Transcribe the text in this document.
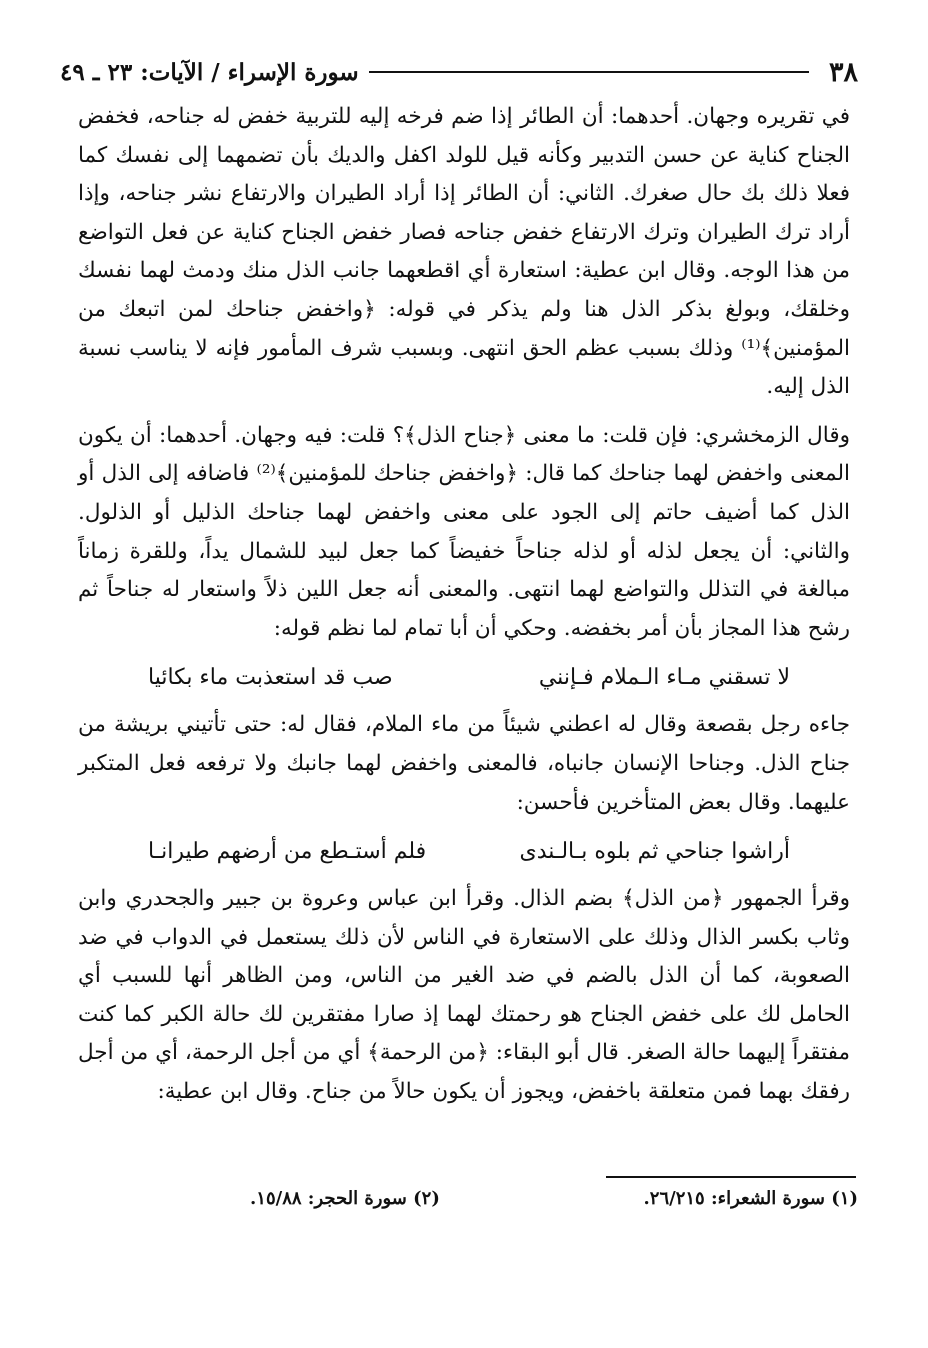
٣٨
سورة الإسراء / الآيات: ٢٣ ـ ٤٩

في تقريره وجهان. أحدهما: أن الطائر إذا ضم فرخه إليه للتربية خفض له جناحه، فخفض الجناح كناية عن حسن التدبير وكأنه قيل للولد اكفل والديك بأن تضمهما إلى نفسك كما فعلا ذلك بك حال صغرك. الثاني: أن الطائر إذا أراد الطيران والارتفاع نشر جناحه، وإذا أراد ترك الطيران وترك الارتفاع خفض جناحه فصار خفض الجناح كناية عن فعل التواضع من هذا الوجه. وقال ابن عطية: استعارة أي اقطعهما جانب الذل منك ودمث لهما نفسك وخلقك، وبولغ بذكر الذل هنا ولم يذكر في قوله: ﴿واخفض جناحك لمن اتبعك من المؤمنين﴾⁽¹⁾ وذلك بسبب عظم الحق انتهى. وبسبب شرف المأمور فإنه لا يناسب نسبة الذل إليه.

وقال الزمخشري: فإن قلت: ما معنى ﴿جناح الذل﴾؟ قلت: فيه وجهان. أحدهما: أن يكون المعنى واخفض لهما جناحك كما قال: ﴿واخفض جناحك للمؤمنين﴾⁽²⁾ فاضافه إلى الذل أو الذل كما أضيف حاتم إلى الجود على معنى واخفض لهما جناحك الذليل أو الذلول. والثاني: أن يجعل لذله أو لذله جناحاً خفيضاً كما جعل لبيد للشمال يداً، وللقرة زماناً مبالغة في التذلل والتواضع لهما انتهى. والمعنى أنه جعل اللين ذلاً واستعار له جناحاً ثم رشح هذا المجاز بأن أمر بخفضه. وحكي أن أبا تمام لما نظم قوله:

لا تسقني مـاء الـملام فـإنني
صب قد استعذبت ماء بكائيا

جاءه رجل بقصعة وقال له اعطني شيئاً من ماء الملام، فقال له: حتى تأتيني بريشة من جناح الذل. وجناحا الإنسان جانباه، فالمعنى واخفض لهما جانبك ولا ترفعه فعل المتكبر عليهما. وقال بعض المتأخرين فأحسن:

أراشوا جناحي ثم بلوه بـالـندى
فلم أستـطع من أرضهم طيرانـا

وقرأ الجمهور ﴿من الذل﴾ بضم الذال. وقرأ ابن عباس وعروة بن جبير والجحدري وابن وثاب بكسر الذال وذلك على الاستعارة في الناس لأن ذلك يستعمل في الدواب في ضد الصعوبة، كما أن الذل بالضم في ضد الغير من الناس، ومن الظاهر أنها للسبب أي الحامل لك على خفض الجناح هو رحمتك لهما إذ صارا مفتقرين لك حالة الكبر كما كنت مفتقراً إليهما حالة الصغر. قال أبو البقاء: ﴿من الرحمة﴾ أي من أجل الرحمة، أي من أجل رفقك بهما فمن متعلقة باخفض، ويجوز أن يكون حالاً من جناح. وقال ابن عطية:

(١) سورة الشعراء: ٢٦/٢١٥.
(٢) سورة الحجر: ١٥/٨٨.
